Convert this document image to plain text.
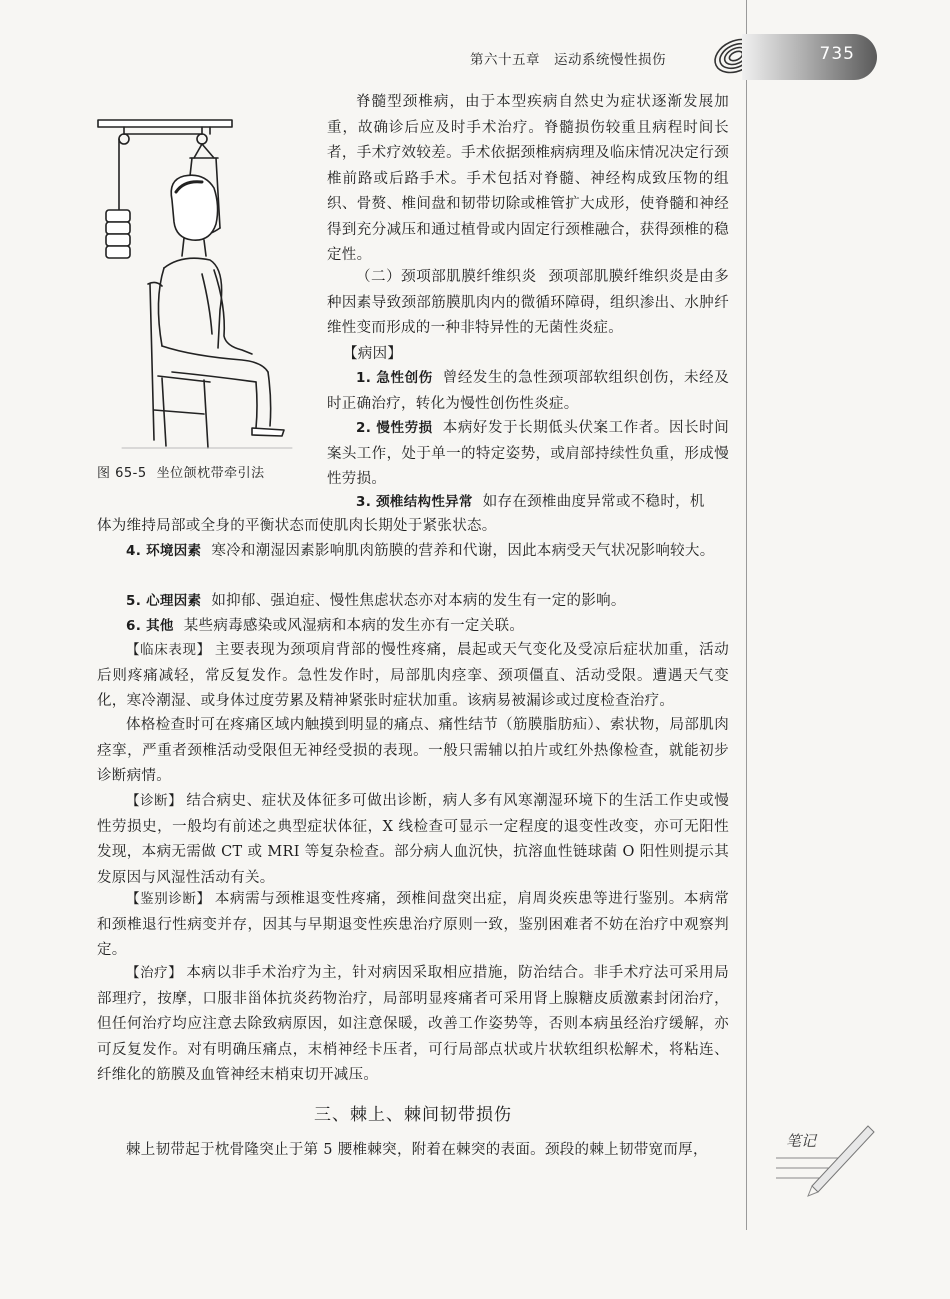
第六十五章 运动系统慢性损伤	735
图 65-5 坐位颌枕带牵引法

脊髓型颈椎病，由于本型疾病自然史为症状逐渐发展加重，故确诊后应及时手术治疗。脊髓损伤较重且病程时间长者，手术疗效较差。手术依据颈椎病病理及临床情况决定行颈椎前路或后路手术。手术包括对脊髓、神经构成致压物的组织、骨赘、椎间盘和韧带切除或椎管扩大成形，使脊髓和神经得到充分减压和通过植骨或内固定行颈椎融合，获得颈椎的稳定性。

（二）颈项部肌膜纤维织炎 颈项部肌膜纤维织炎是由多种因素导致颈部筋膜肌肉内的微循环障碍，组织渗出、水肿纤维性变而形成的一种非特异性的无菌性炎症。

【病因】

1. 急性创伤 曾经发生的急性颈项部软组织创伤，未经及时正确治疗，转化为慢性创伤性炎症。

2. 慢性劳损 本病好发于长期低头伏案工作者。因长时间案头工作，处于单一的特定姿势，或肩部持续性负重，形成慢性劳损。

3. 颈椎结构性异常 如存在颈椎曲度异常或不稳时，机

体为维持局部或全身的平衡状态而使肌肉长期处于紧张状态。

4. 环境因素 寒冷和潮湿因素影响肌肉筋膜的营养和代谢，因此本病受天气状况影响较大。

5. 心理因素 如抑郁、强迫症、慢性焦虑状态亦对本病的发生有一定的影响。

6. 其他 某些病毒感染或风湿病和本病的发生亦有一定关联。

【临床表现】 主要表现为颈项肩背部的慢性疼痛，晨起或天气变化及受凉后症状加重，活动后则疼痛减轻，常反复发作。急性发作时，局部肌肉痉挛、颈项僵直、活动受限。遭遇天气变化，寒冷潮湿、或身体过度劳累及精神紧张时症状加重。该病易被漏诊或过度检查治疗。

体格检查时可在疼痛区域内触摸到明显的痛点、痛性结节（筋膜脂肪疝）、索状物，局部肌肉痉挛，严重者颈椎活动受限但无神经受损的表现。一般只需辅以拍片或红外热像检查，就能初步诊断病情。

【诊断】 结合病史、症状及体征多可做出诊断，病人多有风寒潮湿环境下的生活工作史或慢性劳损史，一般均有前述之典型症状体征，X 线检查可显示一定程度的退变性改变，亦可无阳性发现，本病无需做 CT 或 MRI 等复杂检查。部分病人血沉快，抗溶血性链球菌 O 阳性则提示其发原因与风湿性活动有关。

【鉴别诊断】 本病需与颈椎退变性疼痛，颈椎间盘突出症，肩周炎疾患等进行鉴别。本病常和颈椎退行性病变并存，因其与早期退变性疾患治疗原则一致，鉴别困难者不妨在治疗中观察判定。

【治疗】 本病以非手术治疗为主，针对病因采取相应措施，防治结合。非手术疗法可采用局部理疗，按摩，口服非甾体抗炎药物治疗，局部明显疼痛者可采用肾上腺糖皮质激素封闭治疗，但任何治疗均应注意去除致病原因，如注意保暖，改善工作姿势等，否则本病虽经治疗缓解，亦可反复发作。对有明确压痛点，末梢神经卡压者，可行局部点状或片状软组织松解术，将粘连、纤维化的筋膜及血管神经末梢束切开减压。

三、棘上、棘间韧带损伤

棘上韧带起于枕骨隆突止于第 5 腰椎棘突，附着在棘突的表面。颈段的棘上韧带宽而厚，	笔记
